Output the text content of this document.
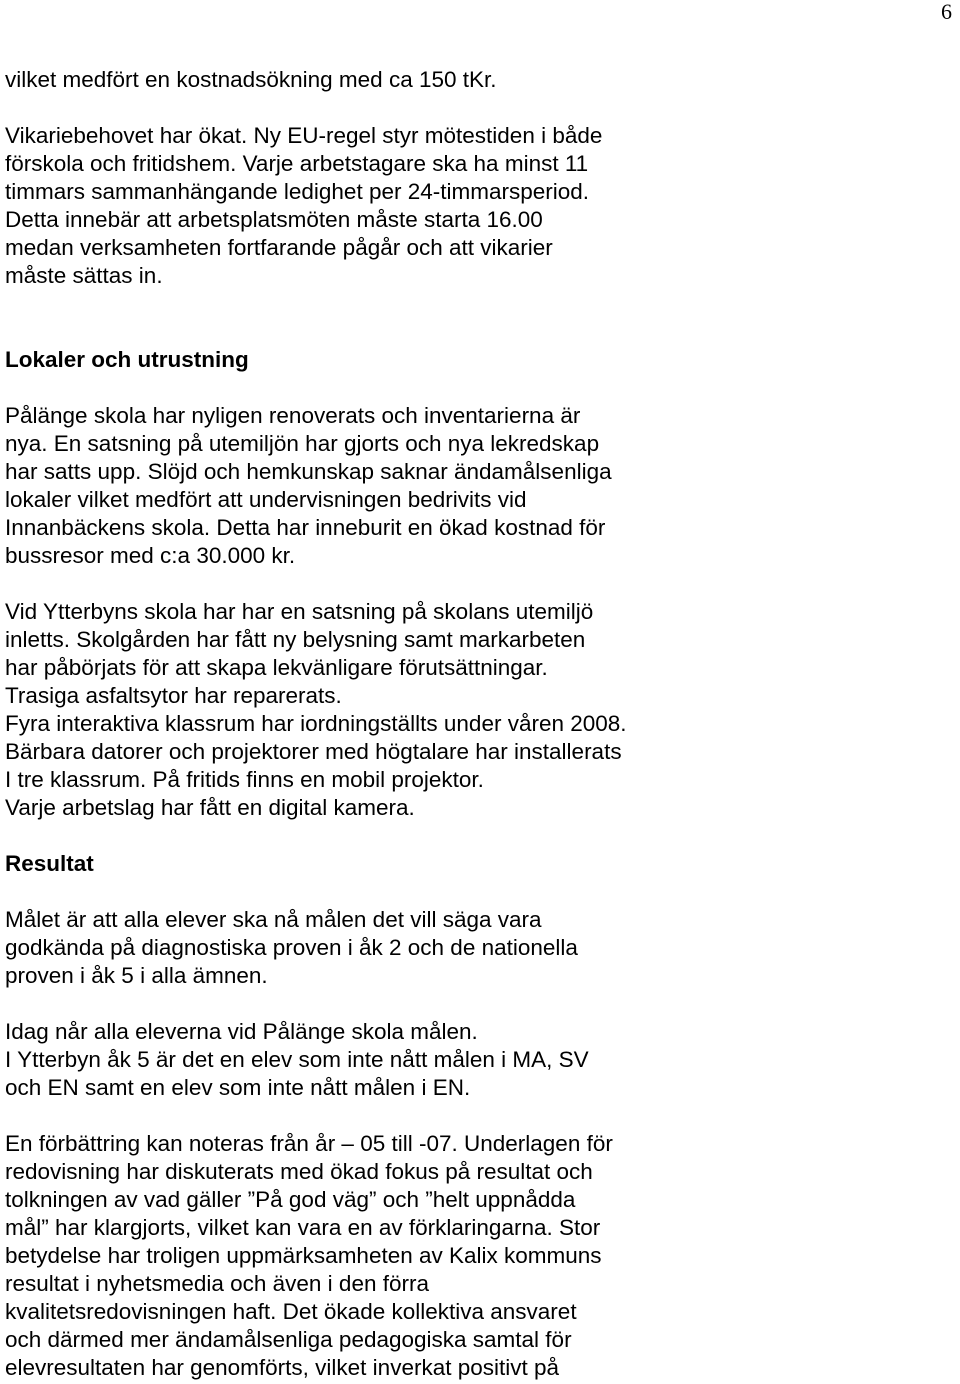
6
vilket medfört en kostnadsökning med ca 150 tKr.
Vikariebehovet har ökat. Ny EU-regel styr mötestiden i både
förskola och fritidshem. Varje arbetstagare ska ha minst 11
timmars sammanhängande ledighet per 24-timmarsperiod.
Detta innebär att arbetsplatsmöten måste starta 16.00
medan verksamheten fortfarande pågår och att vikarier
måste sättas in.
Lokaler och utrustning
Pålänge skola har nyligen renoverats och inventarierna är
nya. En satsning på utemiljön har gjorts och nya lekredskap
har satts upp. Slöjd och hemkunskap saknar ändamålsenliga
lokaler vilket medfört att undervisningen bedrivits vid
Innanbäckens skola. Detta har inneburit en ökad kostnad för
bussresor med c:a 30.000 kr.
Vid Ytterbyns skola har har en satsning på skolans utemiljö
inletts. Skolgården har fått ny belysning samt markarbeten
har påbörjats för att skapa lekvänligare förutsättningar.
Trasiga asfaltsytor har reparerats.
Fyra interaktiva klassrum har iordningställts under våren 2008.
Bärbara datorer och projektorer med högtalare har installerats
I tre klassrum. På fritids finns en mobil projektor.
Varje arbetslag har fått en digital kamera.
Resultat
Målet är att alla elever ska nå målen det vill säga vara
godkända på diagnostiska proven i åk 2 och de nationella
proven i åk 5 i alla ämnen.
Idag når alla eleverna vid Pålänge skola målen.
I Ytterbyn åk 5 är det en elev som inte nått målen i MA, SV
och EN samt en elev som inte nått målen i EN.
En förbättring kan noteras från år – 05 till -07. Underlagen för
redovisning har diskuterats med ökad fokus på resultat och
tolkningen av vad gäller ”På god väg” och ”helt uppnådda
mål” har klargjorts, vilket kan vara en av förklaringarna. Stor
betydelse har troligen uppmärksamheten av Kalix kommuns
resultat i nyhetsmedia och även i den förra
kvalitetsredovisningen haft. Det ökade kollektiva ansvaret
och därmed mer ändamålsenliga pedagogiska samtal för
elevresultaten har genomförts, vilket inverkat positivt på
